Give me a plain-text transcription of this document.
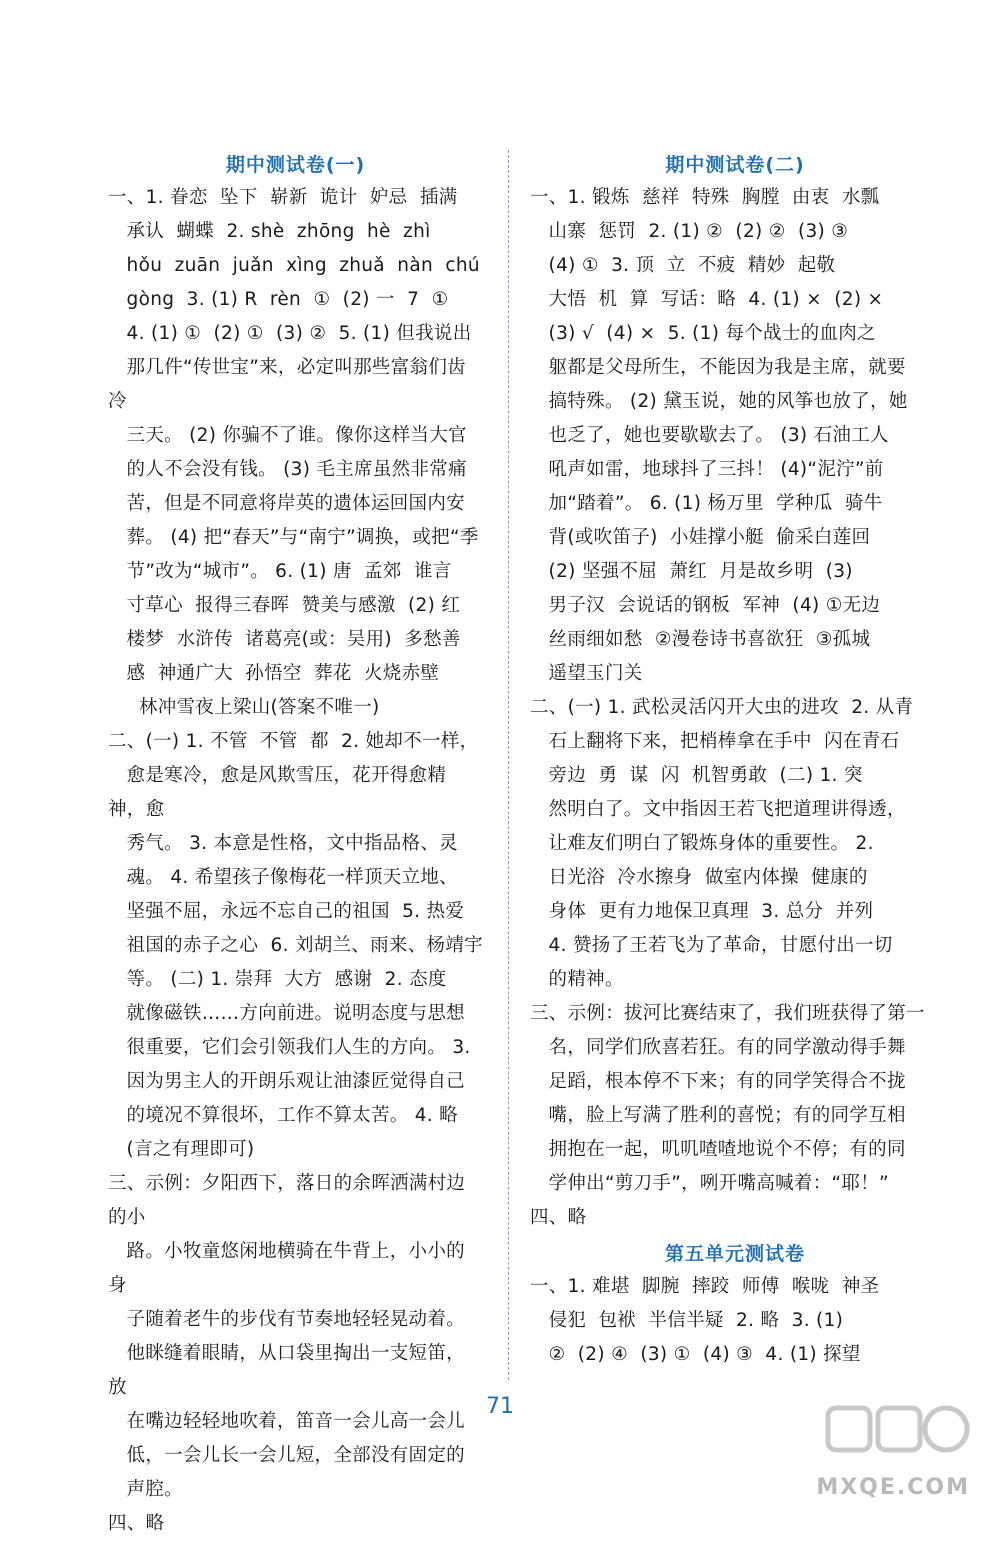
期中测试卷(一)

一、1. 眷恋  坠下  崭新  诡计  妒忌  插满

承认  蝴蝶  2. shè  zhōng  hè  zhì

hǒu  zuān  juǎn  xìng  zhuǎ  nàn  chú

gòng  3. (1) R  rèn  ①  (2) 一  7  ①

4. (1) ①  (2) ①  (3) ②  5. (1) 但我说出

那几件“传世宝”来，必定叫那些富翁们齿冷

三天。 (2) 你骗不了谁。像你这样当大官

的人不会没有钱。 (3) 毛主席虽然非常痛

苦，但是不同意将岸英的遗体运回国内安

葬。 (4) 把“春天”与“南宁”调换，或把“季

节”改为“城市”。 6. (1) 唐  孟郊  谁言

寸草心  报得三春晖  赞美与感激  (2) 红

楼梦  水浒传  诸葛亮(或：吴用)  多愁善

感  神通广大  孙悟空  葬花  火烧赤壁

林冲雪夜上梁山(答案不唯一)

二、(一) 1. 不管  不管  都  2. 她却不一样，

愈是寒冷，愈是风欺雪压，花开得愈精神，愈

秀气。 3. 本意是性格，文中指品格、灵

魂。 4. 希望孩子像梅花一样顶天立地、

坚强不屈，永远不忘自己的祖国  5. 热爱

祖国的赤子之心  6. 刘胡兰、雨来、杨靖宇

等。 (二) 1. 崇拜  大方  感谢  2. 态度

就像磁铁……方向前进。说明态度与思想

很重要，它们会引领我们人生的方向。 3.

因为男主人的开朗乐观让油漆匠觉得自己

的境况不算很坏，工作不算太苦。 4. 略

(言之有理即可)

三、示例：夕阳西下，落日的余晖洒满村边的小

路。小牧童悠闲地横骑在牛背上，小小的身

子随着老牛的步伐有节奏地轻轻晃动着。

他眯缝着眼睛，从口袋里掏出一支短笛，放

在嘴边轻轻地吹着，笛音一会儿高一会儿

低，一会儿长一会儿短，全部没有固定的

声腔。

四、略

期中测试卷(二)

一、1. 锻炼  慈祥  特殊  胸膛  由衷  水瓢

山寨  惩罚  2. (1) ②  (2) ②  (3) ③

(4) ①  3. 顶  立  不疲  精妙  起敬

大悟  机  算  写话：略  4. (1) ×  (2) ×

(3) √  (4) ×  5. (1) 每个战士的血肉之

躯都是父母所生，不能因为我是主席，就要

搞特殊。 (2) 黛玉说，她的风筝也放了，她

也乏了，她也要歇歇去了。 (3) 石油工人

吼声如雷，地球抖了三抖！ (4)“泥泞”前

加“踏着”。 6. (1) 杨万里  学种瓜  骑牛

背(或吹笛子)  小娃撑小艇  偷采白莲回

(2) 坚强不屈  萧红  月是故乡明  (3)

男子汉  会说话的钢板  军神  (4) ①无边

丝雨细如愁  ②漫卷诗书喜欲狂  ③孤城

遥望玉门关

二、(一) 1. 武松灵活闪开大虫的进攻  2. 从青

石上翻将下来，把梢棒拿在手中  闪在青石

旁边  勇  谋  闪  机智勇敢  (二) 1. 突

然明白了。文中指因王若飞把道理讲得透，

让难友们明白了锻炼身体的重要性。 2.

日光浴  冷水擦身  做室内体操  健康的

身体  更有力地保卫真理  3. 总分  并列

4. 赞扬了王若飞为了革命，甘愿付出一切

的精神。

三、示例：拔河比赛结束了，我们班获得了第一

名，同学们欣喜若狂。有的同学激动得手舞

足蹈，根本停不下来；有的同学笑得合不拢

嘴，脸上写满了胜利的喜悦；有的同学互相

拥抱在一起，叽叽喳喳地说个不停；有的同

学伸出“剪刀手”，咧开嘴高喊着：“耶！”

四、略

第五单元测试卷

一、1. 难堪  脚腕  摔跤  师傅  喉咙  神圣

侵犯  包袱  半信半疑  2. 略  3. (1)

②  (2) ④  (3) ①  (4) ③  4. (1) 探望

71
MXQE.COM
